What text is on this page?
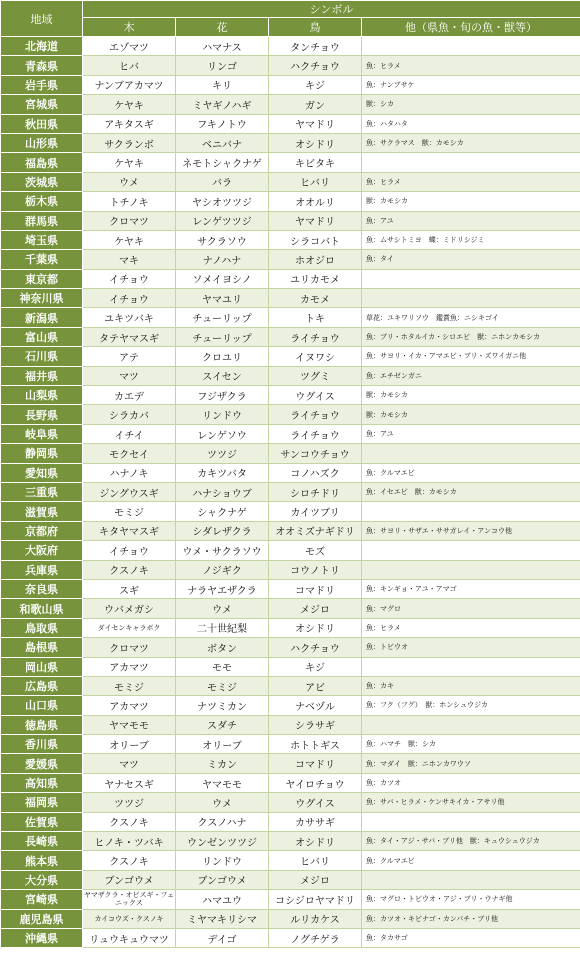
地域	シンボル			
	木	花	鳥	他（県魚・旬の魚・獣等）
北海道	エゾマツ	ハマナス	タンチョウ	
青森県	ヒバ	リンゴ	ハクチョウ	魚：ヒラメ
岩手県	ナンブアカマツ	キリ	キジ	魚：ナンブサケ
宮城県	ケヤキ	ミヤギノハギ	ガン	獣：シカ
秋田県	アキタスギ	フキノトウ	ヤマドリ	魚：ハタハタ
山形県	サクランボ	ベニバナ	オシドリ	魚：サクラマス　獣：カモシカ
福島県	ケヤキ	ネモトシャクナゲ	キビタキ	
茨城県	ウメ	バラ	ヒバリ	魚：ヒラメ
栃木県	トチノキ	ヤシオツツジ	オオルリ	獣：カモシカ
群馬県	クロマツ	レンゲツツジ	ヤマドリ	魚：アユ
埼玉県	ケヤキ	サクラソウ	シラコバト	魚：ムサシトミヨ　蝶：ミドリシジミ
千葉県	マキ	ナノハナ	ホオジロ	魚：タイ
東京都	イチョウ	ソメイヨシノ	ユリカモメ	
神奈川県	イチョウ	ヤマユリ	カモメ	
新潟県	ユキツバキ	チューリップ	トキ	草花：ユキワリソウ　鑑賞魚：ニシキゴイ
富山県	タテヤマスギ	チューリップ	ライチョウ	魚：ブリ・ホタルイカ・シロエビ　獣：ニホンカモシカ
石川県	アテ	クロユリ	イヌワシ	魚：サヨリ・イカ・アマエビ・ブリ・ズワイガニ他
福井県	マツ	スイセン	ツグミ	魚：エチゼンガニ
山梨県	カエデ	フジザクラ	ウグイス	獣：カモシカ
長野県	シラカバ	リンドウ	ライチョウ	獣：カモシカ
岐阜県	イチイ	レンゲソウ	ライチョウ	魚：アユ
静岡県	モクセイ	ツツジ	サンコウチョウ	
愛知県	ハナノキ	カキツバタ	コノハズク	魚：クルマエビ
三重県	ジングウスギ	ハナショウブ	シロチドリ	魚：イセエビ　獣：カモシカ
滋賀県	モミジ	シャクナゲ	カイツブリ	
京都府	キタヤマスギ	シダレザクラ	オオミズナギドリ	魚：サヨリ・サザエ・ササガレイ・アンコウ他
大阪府	イチョウ	ウメ・サクラソウ	モズ	
兵庫県	クスノキ	ノジギク	コウノトリ	
奈良県	スギ	ナラヤエザクラ	コマドリ	魚：キンギョ・アユ・アマゴ
和歌山県	ウバメガシ	ウメ	メジロ	魚：マグロ
鳥取県	ダイセンキャラボク	二十世紀梨	オシドリ	魚：ヒラメ
島根県	クロマツ	ボタン	ハクチョウ	魚：トビウオ
岡山県	アカマツ	モモ	キジ	
広島県	モミジ	モミジ	アビ	魚：カキ
山口県	アカマツ	ナツミカン	ナベヅル	魚：フク（フグ）　獣：ホンシュウジカ
徳島県	ヤマモモ	スダチ	シラサギ	
香川県	オリーブ	オリーブ	ホトトギス	魚：ハマチ　獣：シカ
愛媛県	マツ	ミカン	コマドリ	魚：マダイ　獣：ニホンカワウソ
高知県	ヤナセスギ	ヤマモモ	ヤイロチョウ	魚：カツオ
福岡県	ツツジ	ウメ	ウグイス	魚：サバ・ヒラメ・ケンサキイカ・アサリ他
佐賀県	クスノキ	クスノハナ	カササギ	
長崎県	ヒノキ・ツバキ	ウンゼンツツジ	オシドリ	魚：タイ・アジ・サバ・ブリ他　獣：キュウシュウジカ
熊本県	クスノキ	リンドウ	ヒバリ	魚：クルマエビ
大分県	ブンゴウメ	ブンゴウメ	メジロ	
宮崎県	ヤマザクラ・オビスギ・フェニックス	ハマユウ	コシジロヤマドリ	魚：マグロ・トビウオ・アジ・ブリ・ウナギ他
鹿児島県	カイコウズ・クスノキ	ミヤマキリシマ	ルリカケス	魚：カツオ・キビナゴ・カンパチ・ブリ他
沖縄県	リュウキュウマツ	デイゴ	ノグチゲラ	魚：タカサゴ
